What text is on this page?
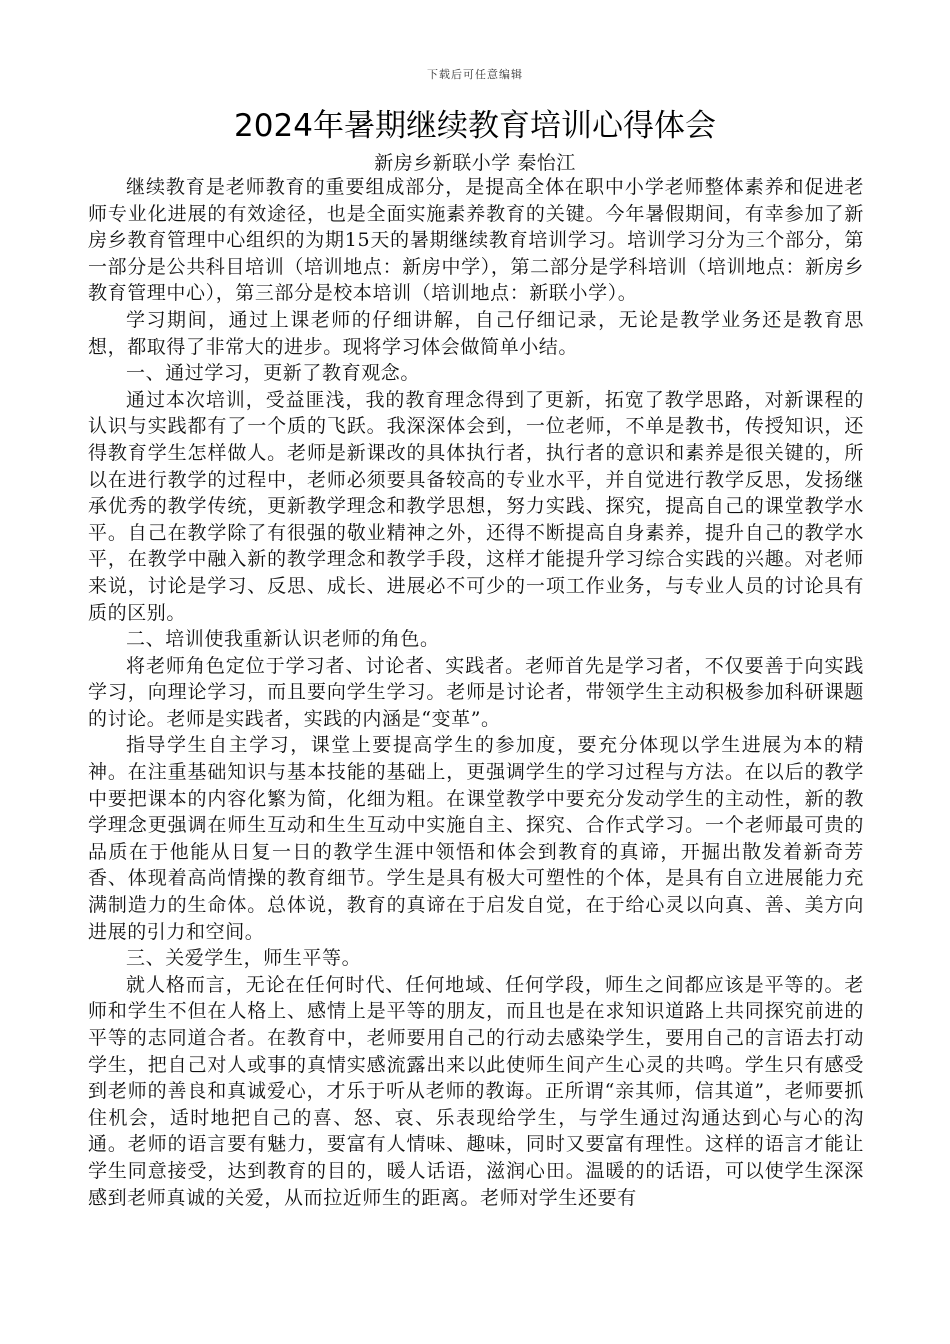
下载后可任意编辑
2024年暑期继续教育培训心得体会
新房乡新联小学 秦怡江

继续教育是老师教育的重要组成部分，是提高全体在职中小学老师整体素养和促进老师专业化进展的有效途径，也是全面实施素养教育的关键。今年暑假期间，有幸参加了新房乡教育管理中心组织的为期15天的暑期继续教育培训学习。培训学习分为三个部分，第一部分是公共科目培训（培训地点：新房中学），第二部分是学科培训（培训地点：新房乡教育管理中心），第三部分是校本培训（培训地点：新联小学）。

学习期间，通过上课老师的仔细讲解，自己仔细记录，无论是教学业务还是教育思想，都取得了非常大的进步。现将学习体会做简单小结。

一、通过学习，更新了教育观念。

通过本次培训，受益匪浅，我的教育理念得到了更新，拓宽了教学思路，对新课程的认识与实践都有了一个质的飞跃。我深深体会到，一位老师，不单是教书，传授知识，还得教育学生怎样做人。老师是新课改的具体执行者，执行者的意识和素养是很关键的，所以在进行教学的过程中，老师必须要具备较高的专业水平，并自觉进行教学反思，发扬继承优秀的教学传统，更新教学理念和教学思想，努力实践、探究，提高自己的课堂教学水平。自己在教学除了有很强的敬业精神之外，还得不断提高自身素养，提升自己的教学水平，在教学中融入新的教学理念和教学手段，这样才能提升学习综合实践的兴趣。对老师来说，讨论是学习、反思、成长、进展必不可少的一项工作业务，与专业人员的讨论具有质的区别。

二、培训使我重新认识老师的角色。

将老师角色定位于学习者、讨论者、实践者。老师首先是学习者，不仅要善于向实践学习，向理论学习，而且要向学生学习。老师是讨论者，带领学生主动积极参加科研课题的讨论。老师是实践者，实践的内涵是“变革”。

指导学生自主学习，课堂上要提高学生的参加度，要充分体现以学生进展为本的精神。在注重基础知识与基本技能的基础上，更强调学生的学习过程与方法。在以后的教学中要把课本的内容化繁为简，化细为粗。在课堂教学中要充分发动学生的主动性，新的教学理念更强调在师生互动和生生互动中实施自主、探究、合作式学习。一个老师最可贵的品质在于他能从日复一日的教学生涯中领悟和体会到教育的真谛，开掘出散发着新奇芳香、体现着高尚情操的教育细节。学生是具有极大可塑性的个体，是具有自立进展能力充满制造力的生命体。总体说，教育的真谛在于启发自觉，在于给心灵以向真、善、美方向进展的引力和空间。

三、关爱学生，师生平等。

就人格而言，无论在任何时代、任何地域、任何学段，师生之间都应该是平等的。老师和学生不但在人格上、感情上是平等的朋友，而且也是在求知识道路上共同探究前进的平等的志同道合者。在教育中，老师要用自己的行动去感染学生，要用自己的言语去打动学生，把自己对人或事的真情实感流露出来以此使师生间产生心灵的共鸣。学生只有感受到老师的善良和真诚爱心，才乐于听从老师的教诲。正所谓“亲其师，信其道”，老师要抓住机会，适时地把自己的喜、怒、哀、乐表现给学生，与学生通过沟通达到心与心的沟通。老师的语言要有魅力，要富有人情味、趣味，同时又要富有理性。这样的语言才能让学生同意接受，达到教育的目的，暖人话语，滋润心田。温暖的的话语，可以使学生深深感到老师真诚的关爱，从而拉近师生的距离。老师对学生还要有
